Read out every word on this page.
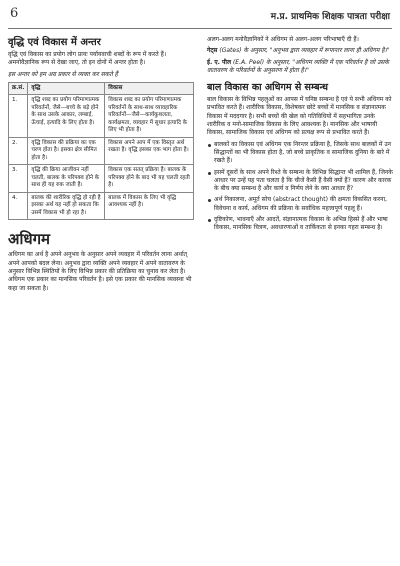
6	म.प्र. प्राथमिक शिक्षक पात्रता परीक्षा
वृद्धि एवं विकास में अन्तर

वृद्धि एवं विकास का प्रयोग लोग प्रायः पर्यायवाची शब्दों के रूप में करते हैं। अमनोवैज्ञानिक रूप से देखा जाए, तो इन दोनों में अन्तर होता है।

इस अन्तर को हम अग्र प्रकार से व्यक्त कर सकते हैं

क्र.सं.	वृद्धि	विकास
1.	वृद्धि शब्द का प्रयोग परिमाणात्मक परिवर्तनों, जैसे—बच्चे के बड़े होने के साथ उसके आकार, लम्बाई, ऊँचाई, इत्यादि के लिए होता है।	विकास शब्द का प्रयोग परिमाणात्मक परिवर्तनों के साथ-साथ व्यावहारिक परिवर्तनों—जैसे—कार्यकुशलता, कार्यक्षमता, व्यवहार में सुधार इत्यादि के लिए भी होता है।
2.	वृद्धि विकास की प्रक्रिया का एक चरण होता है। इसका क्षेत्र सीमित होता है।	विकास अपने आप में एक विस्तृत अर्थ रखता है। वृद्धि इसका एक भाग होता है।
3.	वृद्धि की क्रिया आजीवन नहीं चलती, बालक के परिपक्व होने के साथ ही यह रुक जाती है।	विकास एक सतत् प्रक्रिया है। बालक के परिपक्व होने के बाद भी यह चलती रहती है।
4.	बालक की शारीरिक वृद्धि हो रही है इसका अर्थ यह नहीं हो सकता कि उसमें विकास भी हो रहा है।	बालक में विकास के लिए भी वृद्धि आवश्यक नहीं है।
अधिगम

अधिगम का अर्थ है अपने अनुभव के अनुसार अपने व्यवहार में परिवर्तन लाना अर्थात् अपने आपको बदल लेना। अनुभव द्वारा व्यक्ति अपने व्यवहार में अपने वातावरण के अनुसार विभिन्न स्थितियों के लिए विभिन्न प्रकार की प्रतिक्रिया का चुनाव कर लेता है। अधिगम एक प्रकार का मानसिक परिवर्तन है। इसे एक प्रकार की मानसिक व्यवस्था भी कहा जा सकता है।

अलग-अलग मनोवैज्ञानिकों ने अधिगम से अलग-अलग परिभाषाएँ दी हैं।

गेट्स (Gates) के अनुसार, "अनुभव द्वारा व्यवहार में रूपान्तर लाना ही अधिगम है।"

ई. ए. पील (E.A. Peel) के अनुसार, "अधिगम व्यक्ति में एक परिवर्तन है जो उसके वातावरण के परिवर्तनों के अनुसरण में होता है।"

बाल विकास का अधिगम से सम्बन्ध

बाल विकास के विभिन्न पहलुओं का आपस में घनिष्ठ सम्बन्ध है एवं ये सभी अधिगम को प्रभावित करते हैं। शारीरिक विकास, विशेषकर छोटे बच्चों में मानसिक व संज्ञानात्मक विकास में मददगार है। सभी बच्चों की खेल को गतिविधियों में सहभागिता उनके शारीरिक व मनो-सामाजिक विकास के लिए आवश्यक है। मानसिक और भाषायी विकास, सामाजिक विकास एवं अधिगम को प्रत्यक्ष रूप से प्रभावित करते हैं।

बालकों का विकास एवं अधिगम एक निरन्तर प्रक्रिया है, जिसके साथ बालकों में उन सिद्धान्तों का भी विकास होता है, जो बच्चे प्राकृतिक व सामाजिक दुनिया के बारे में रखते हैं।
इसमें दूसरों के साथ अपने रिश्ते के सम्बन्ध के विभिन्न सिद्धान्त भी शामिल हैं, जिनके आधार पर उन्हें यह पता चलता है कि चीजें कैसी हैं वैसी क्यों हैं? कारण और कारक के बीच क्या सम्बन्ध है और कार्य व निर्णय लेने के क्या आधार हैं?
अर्थ निकालना, अमूर्त सोच (abstract thought) की क्षमता विकसित करना, विवेचना व कार्य, अधिगम की प्रक्रिया के सर्वाधिक महत्त्वपूर्ण पहलू हैं।
दृष्टिकोण, भावनाएँ और आदतें, संज्ञानात्मक विकास के अभिन्न हिस्से हैं और भाषा विकास, मानसिक चित्रण, अवधारणाओं व तार्किकता से इनका गहरा सम्बन्ध है।
